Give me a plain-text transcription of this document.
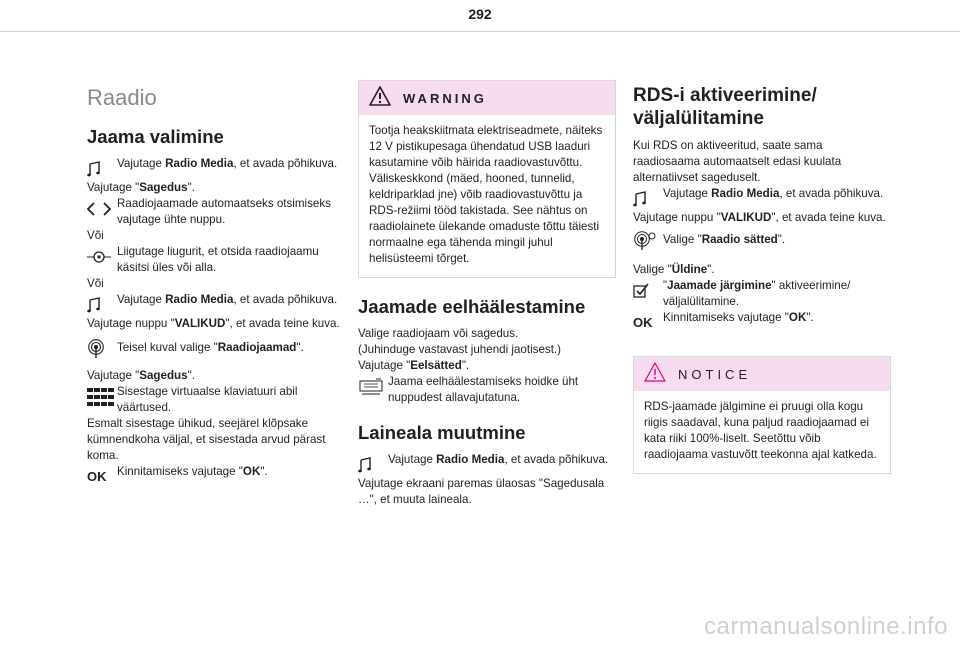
292
Raadio
Jaama valimine

Vajutage Radio Media, et avada põhikuva.

Vajutage "Sagedus".

Raadiojaamade automaatseks otsimiseks vajutage ühte nuppu.

Või

Liigutage liugurit, et otsida raadiojaamu käsitsi üles või alla.

Või

Vajutage Radio Media, et avada põhikuva.

Vajutage nuppu "VALIKUD", et avada teine kuva.

Teisel kuval valige "Raadiojaamad".

Vajutage "Sagedus".

Sisestage virtuaalse klaviatuuri abil väärtused.

Esmalt sisestage ühikud, seejärel klõpsake kümnendkoha väljal, et sisestada arvud pärast koma.

OK Kinnitamiseks vajutage "OK".

WARNING

Tootja heakskiitmata elektriseadmete, näiteks 12 V pistikupesaga ühendatud USB laaduri kasutamine võib häirida raadiovastuvõttu. Väliskeskkond (mäed, hooned, tunnelid, keldriparklad jne) võib raadiovastuvõttu ja RDS-režiimi tööd takistada. See nähtus on raadiolainete ülekande omaduste tõttu täiesti normaalne ega tähenda mingil juhul helisüsteemi tõrget.

Jaamade eelhäälestamine

Valige raadiojaam või sagedus.

(Juhinduge vastavast juhendi jaotisest.)

Vajutage "Eelsätted".

Jaama eelhäälestamiseks hoidke üht nuppudest allavajutatuna.

Laineala muutmine

Vajutage Radio Media, et avada põhikuva.

Vajutage ekraani paremas ülaosas "Sagedusala …", et muuta laineala.

RDS-i aktiveerimine/ väljalülitamine

Kui RDS on aktiveeritud, saate sama raadiosaama automaatselt edasi kuulata alternatiivset sageduselt.

Vajutage Radio Media, et avada põhikuva.

Vajutage nuppu "VALIKUD", et avada teine kuva.

Valige "Raadio sätted".

Valige "Üldine".

"Jaamade järgimine" aktiveerimine/ väljalülitamine.

OK Kinnitamiseks vajutage "OK".

NOTICE

RDS-jaamade jälgimine ei pruugi olla kogu riigis saadaval, kuna paljud raadiojaamad ei kata riiki 100%-liselt. Seetõttu võib raadiojaama vastuvõtt teekonna ajal katkeda.

carmanualsonline.info
